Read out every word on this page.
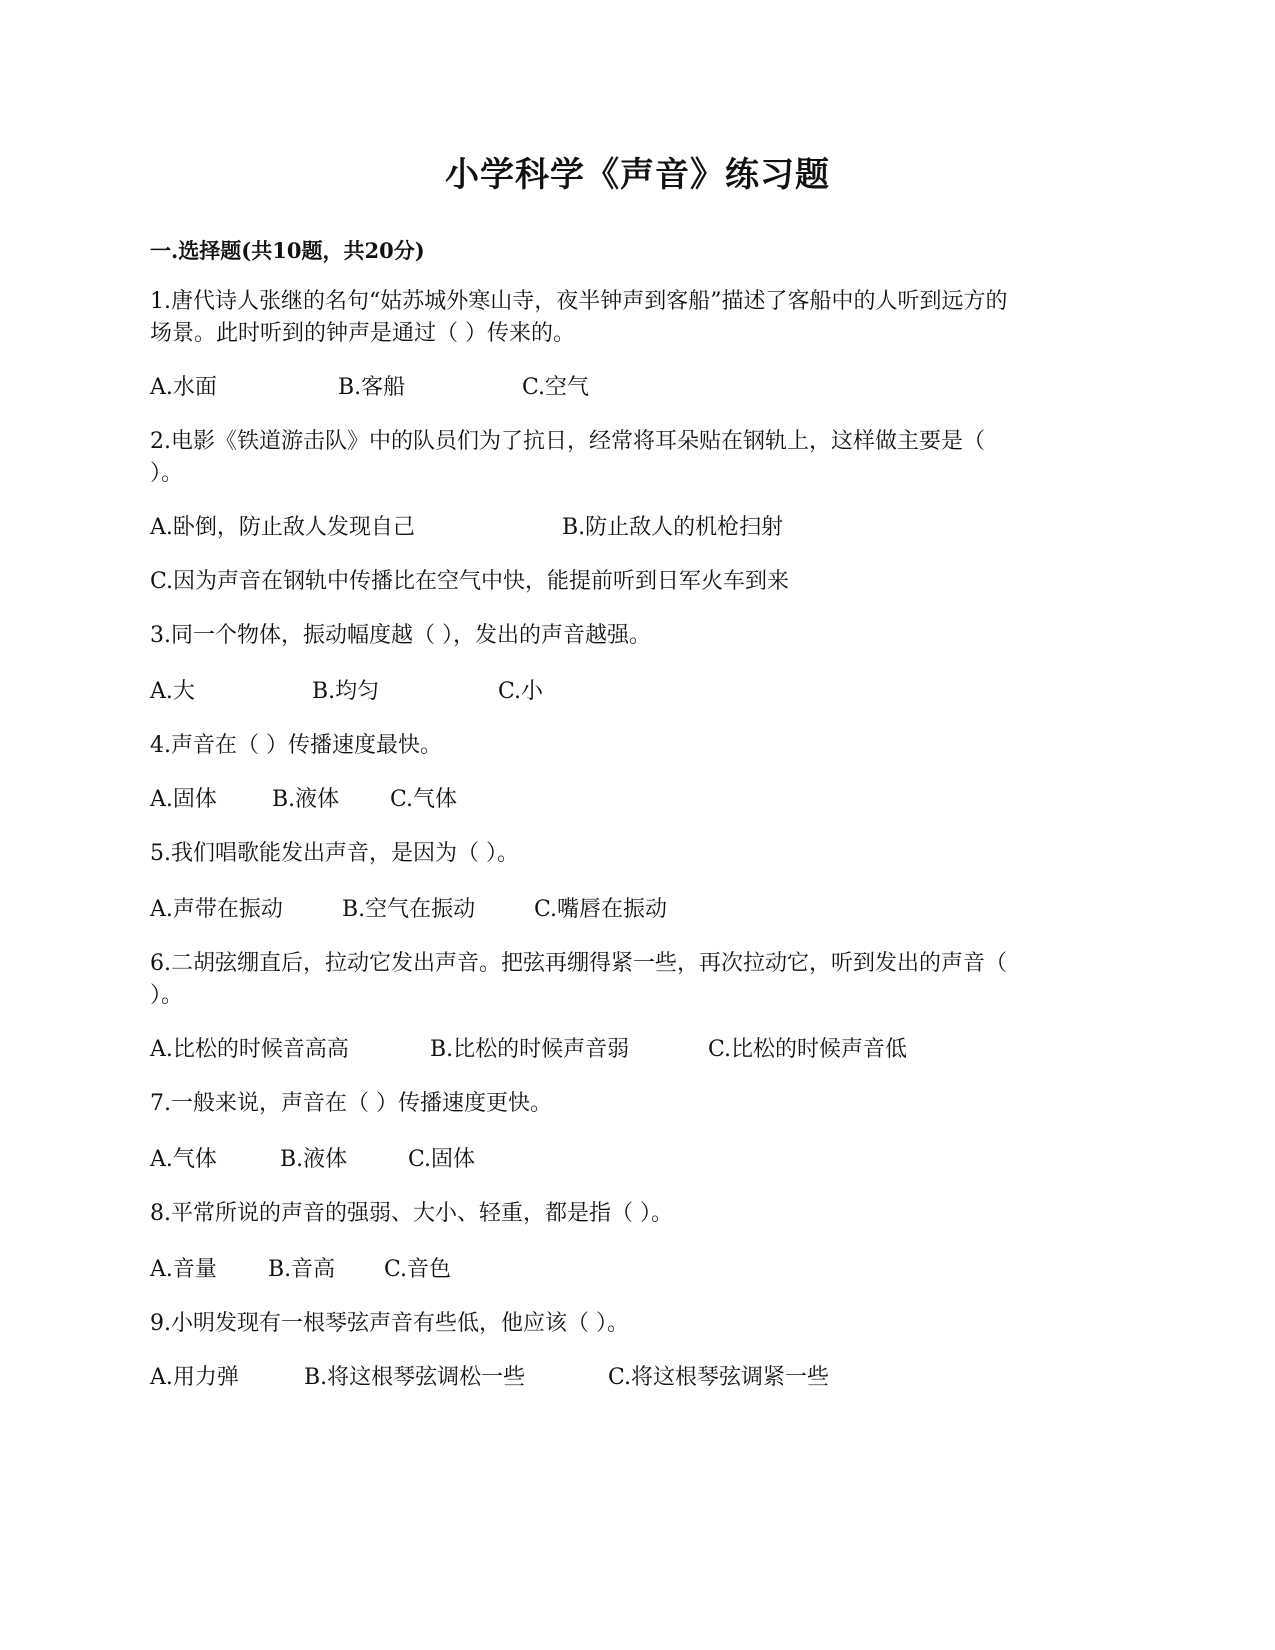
小学科学《声音》练习题
一.选择题(共10题，共20分)
1.唐代诗人张继的名句“姑苏城外寒山寺，夜半钟声到客船”描述了客船中的人听到远方的
场景。此时听到的钟声是通过（ ）传来的。
A.水面	B.客船	C.空气
2.电影《铁道游击队》中的队员们为了抗日，经常将耳朵贴在钢轨上，这样做主要是（
）。
A.卧倒，防止敌人发现自己	B.防止敌人的机枪扫射
C.因为声音在钢轨中传播比在空气中快，能提前听到日军火车到来
3.同一个物体，振动幅度越（ ），发出的声音越强。
A.大	B.均匀	C.小
4.声音在（ ）传播速度最快。
A.固体	B.液体 C.气体
5.我们唱歌能发出声音，是因为（ ）。
A.声带在振动	B.空气在振动	C.嘴唇在振动
6.二胡弦绷直后，拉动它发出声音。把弦再绷得紧一些，再次拉动它，听到发出的声音（
）。
A.比松的时候音高高	B.比松的时候声音弱	C.比松的时候声音低
7.一般来说，声音在（ ）传播速度更快。
A.气体	B.液体	C.固体
8.平常所说的声音的强弱、大小、轻重，都是指（ ）。
A.音量 B.音高 C.音色
9.小明发现有一根琴弦声音有些低，他应该（ ）。
A.用力弹	B.将这根琴弦调松一些	C.将这根琴弦调紧一些
